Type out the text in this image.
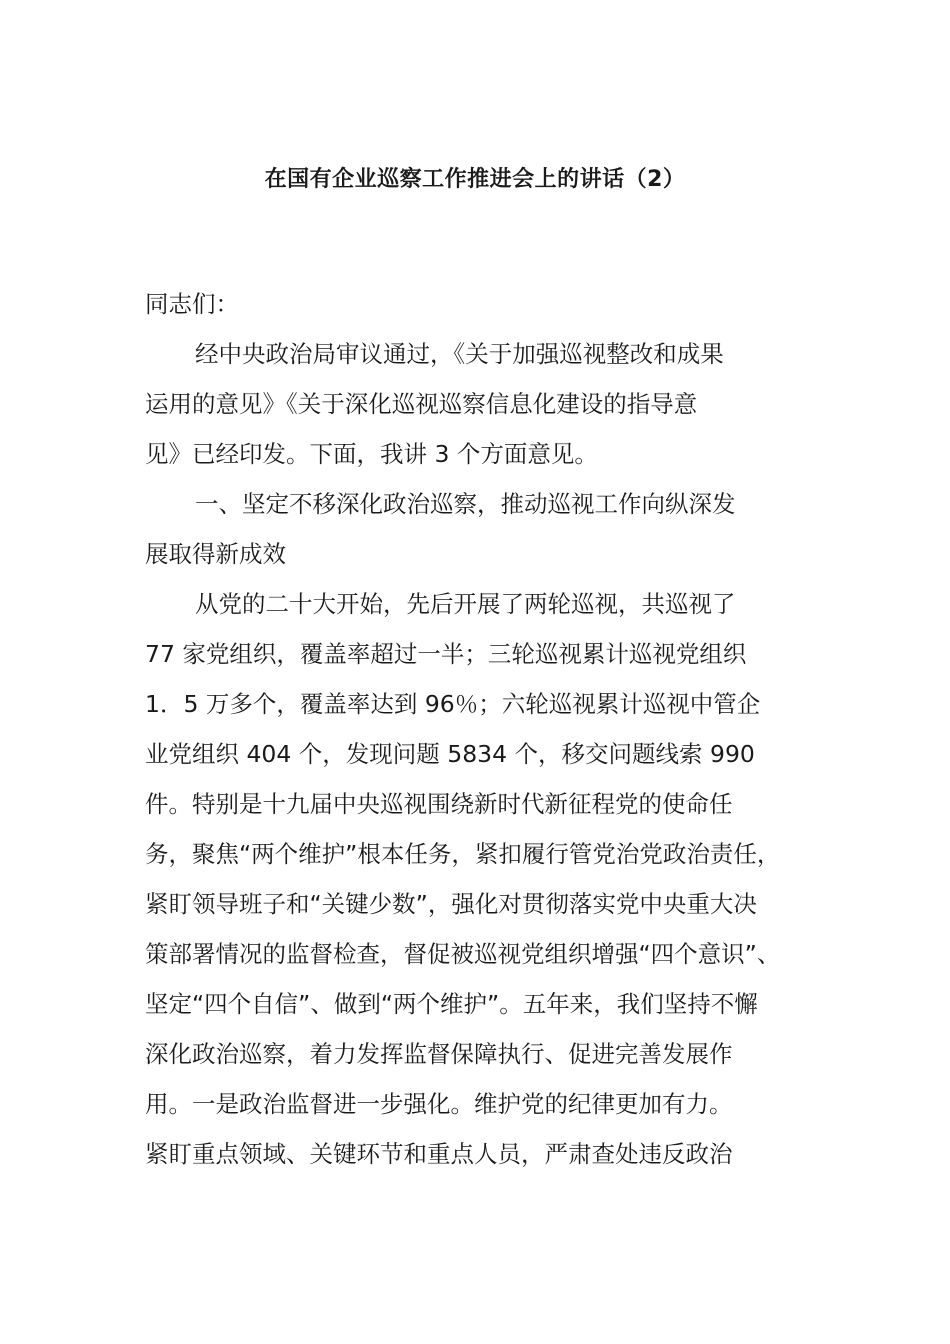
在国有企业巡察工作推进会上的讲话（2）
同志们：
经中央政治局审议通过，《关于加强巡视整改和成果
运用的意见》《关于深化巡视巡察信息化建设的指导意
见》已经印发。下面，我讲 3 个方面意见。
一、坚定不移深化政治巡察，推动巡视工作向纵深发
展取得新成效
从党的二十大开始，先后开展了两轮巡视，共巡视了
77 家党组织，覆盖率超过一半；三轮巡视累计巡视党组织
1．5 万多个，覆盖率达到 96％；六轮巡视累计巡视中管企
业党组织 404 个，发现问题 5834 个，移交问题线索 990
件。特别是十九届中央巡视围绕新时代新征程党的使命任
务，聚焦“两个维护”根本任务，紧扣履行管党治党政治责任，
紧盯领导班子和“关键少数”，强化对贯彻落实党中央重大决
策部署情况的监督检查，督促被巡视党组织增强“四个意识”、
坚定“四个自信”、做到“两个维护”。五年来，我们坚持不懈
深化政治巡察，着力发挥监督保障执行、促进完善发展作
用。一是政治监督进一步强化。维护党的纪律更加有力。
紧盯重点领域、关键环节和重点人员，严肃查处违反政治
